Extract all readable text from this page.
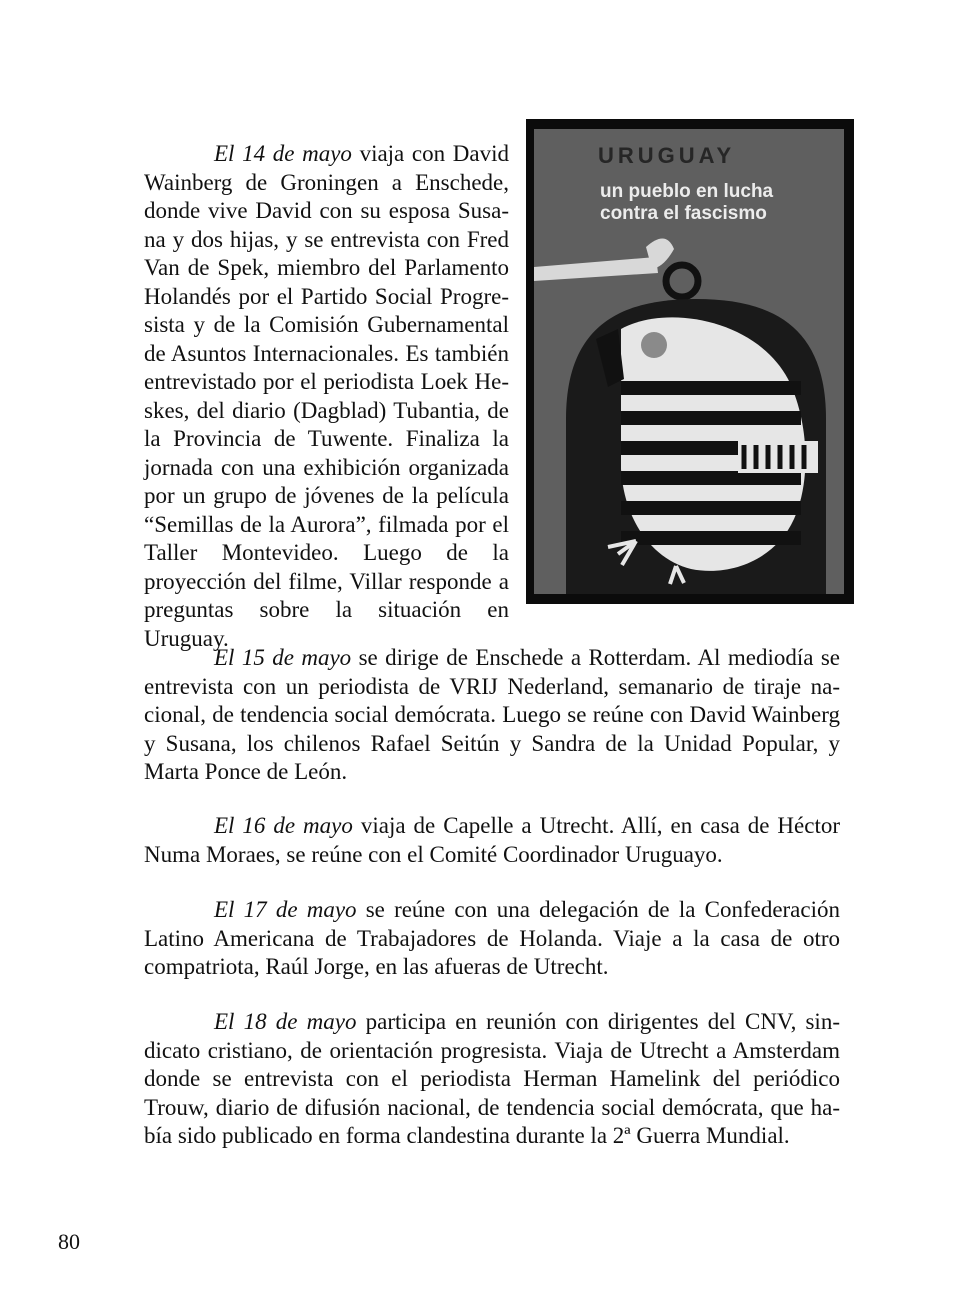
El 14 de mayo viaja con David Wainberg de Groningen a Enschede, donde vive David con su esposa Susana y dos hijas, y se entrevista con Fred Van de Spek, miembro del Parlamento Holandés por el Partido Social Progresista y de la Comisión Gubernamental de Asuntos Internacionales. Es también entrevistado por el periodista Loek Heskes, del diario (Dagblad) Tubantia, de la Provincia de Tuwente. Finaliza la jornada con una exhibición organizada por un grupo de jóvenes de la película “Semillas de la Aurora”, filmada por el Taller Montevideo. Luego de la proyección del filme, Villar responde a preguntas sobre la situación en Uruguay.

URUGUAY
un pueblo en lucha
contra el fascismo

El 15 de mayo se dirige de Enschede a Rotterdam. Al mediodía se entrevista con un periodista de VRIJ Nederland, semanario de tiraje nacional, de tendencia social demócrata. Luego se reúne con David Wainberg y Susana, los chilenos Rafael Seitún y Sandra de la Unidad Popular, y Marta Ponce de León.

El 16 de mayo viaja de Capelle a Utrecht. Allí, en casa de Héctor Numa Moraes, se reúne con el Comité Coordinador Uruguayo.

El 17 de mayo se reúne con una delegación de la Confederación Latino Americana de Trabajadores de Holanda. Viaje a la casa de otro compatriota, Raúl Jorge, en las afueras de Utrecht.

El 18 de mayo participa en reunión con dirigentes del CNV, sindicato cristiano, de orientación progresista. Viaja de Utrecht a Amsterdam donde se entrevista con el periodista Herman Hamelink del periódico Trouw, diario de difusión nacional, de tendencia social demócrata, que había sido publicado en forma clandestina durante la 2ª Guerra Mundial.

80
